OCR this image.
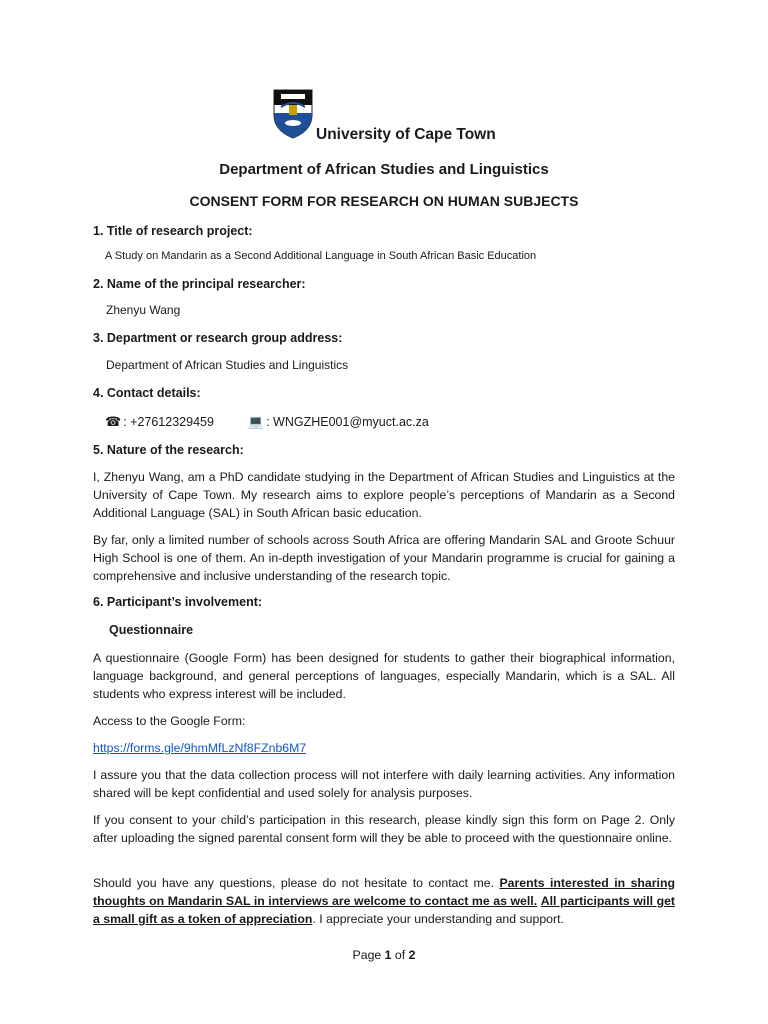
University of Cape Town
Department of African Studies and Linguistics
CONSENT FORM FOR RESEARCH ON HUMAN SUBJECTS
1. Title of research project:
A Study on Mandarin as a Second Additional Language in South African Basic Education
2. Name of the principal researcher:
Zhenyu Wang
3. Department or research group address:
Department of African Studies and Linguistics
4. Contact details:
☎ : +27612329459	💻 : WNGZHE001@myuct.ac.za
5. Nature of the research:
I, Zhenyu Wang, am a PhD candidate studying in the Department of African Studies and Linguistics at the University of Cape Town. My research aims to explore people’s perceptions of Mandarin as a Second Additional Language (SAL) in South African basic education.
By far, only a limited number of schools across South Africa are offering Mandarin SAL and Groote Schuur High School is one of them. An in-depth investigation of your Mandarin programme is crucial for gaining a comprehensive and inclusive understanding of the research topic.
6. Participant’s involvement:
Questionnaire
A questionnaire (Google Form) has been designed for students to gather their biographical information, language background, and general perceptions of languages, especially Mandarin, which is a SAL. All students who express interest will be included.
Access to the Google Form:
https://forms.gle/9hmMfLzNf8FZnb6M7
I assure you that the data collection process will not interfere with daily learning activities. Any information shared will be kept confidential and used solely for analysis purposes.
If you consent to your child’s participation in this research, please kindly sign this form on Page 2. Only after uploading the signed parental consent form will they be able to proceed with the questionnaire online.
Should you have any questions, please do not hesitate to contact me. Parents interested in sharing thoughts on Mandarin SAL in interviews are welcome to contact me as well. All participants will get a small gift as a token of appreciation. I appreciate your understanding and support.
Page 1 of 2
